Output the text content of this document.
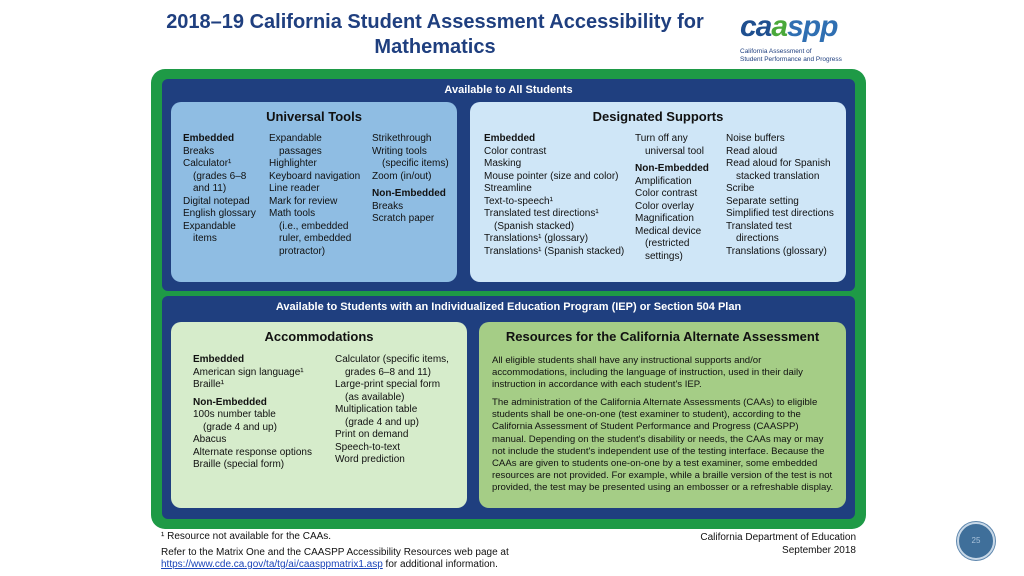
2018–19 California Student Assessment Accessibility for
Mathematics
caaspp
California Assessment of
Student Performance and Progress
Available to All Students
Available to Students with an Individualized Education Program (IEP) or Section 504 Plan
Universal Tools
Embedded
Breaks
Calculator¹
(grades 6–8
and 11)
Digital notepad
English glossary
Expandable
items
Expandable
passages
Highlighter
Keyboard navigation
Line reader
Mark for review
Math tools
(i.e., embedded
ruler, embedded
protractor)
Strikethrough
Writing tools
(specific items)
Zoom (in/out)
Non-Embedded
Breaks
Scratch paper
Designated Supports
Embedded
Color contrast
Masking
Mouse pointer (size and color)
Streamline
Text-to-speech¹
Translated test directions¹
(Spanish stacked)
Translations¹ (glossary)
Translations¹ (Spanish stacked)
Turn off any
universal tool
Non-Embedded
Amplification
Color contrast
Color overlay
Magnification
Medical device
(restricted
settings)
Noise buffers
Read aloud
Read aloud for Spanish
stacked translation
Scribe
Separate setting
Simplified test directions
Translated test
directions
Translations (glossary)
Accommodations
Embedded
American sign language¹
Braille¹
Non-Embedded
100s number table
(grade 4 and up)
Abacus
Alternate response options
Braille (special form)
Calculator (specific items,
grades 6–8 and 11)
Large-print special form
(as available)
Multiplication table
(grade 4 and up)
Print on demand
Speech-to-text
Word prediction
Resources for the California Alternate Assessment
All eligible students shall have any instructional supports and/or accommodations, including the language of instruction, used in their daily instruction in accordance with each student's IEP.
The administration of the California Alternate Assessments (CAAs) to eligible students shall be one-on-one (test examiner to student), according to the California Assessment of Student Performance and Progress (CAASPP) manual. Depending on the student's disability or needs, the CAAs may or may not include the student's independent use of the testing interface. Because the CAAs are given to students one-on-one by a test examiner, some embedded resources are not provided. For example, while a braille version of the test is not provided, the test may be presented using an embosser or a refreshable display.
¹ Resource not available for the CAAs.
Refer to the Matrix One and the CAASPP Accessibility Resources web page at
https://www.cde.ca.gov/ta/tg/ai/caasppmatrix1.asp for additional information.
California Department of Education
September 2018
25
